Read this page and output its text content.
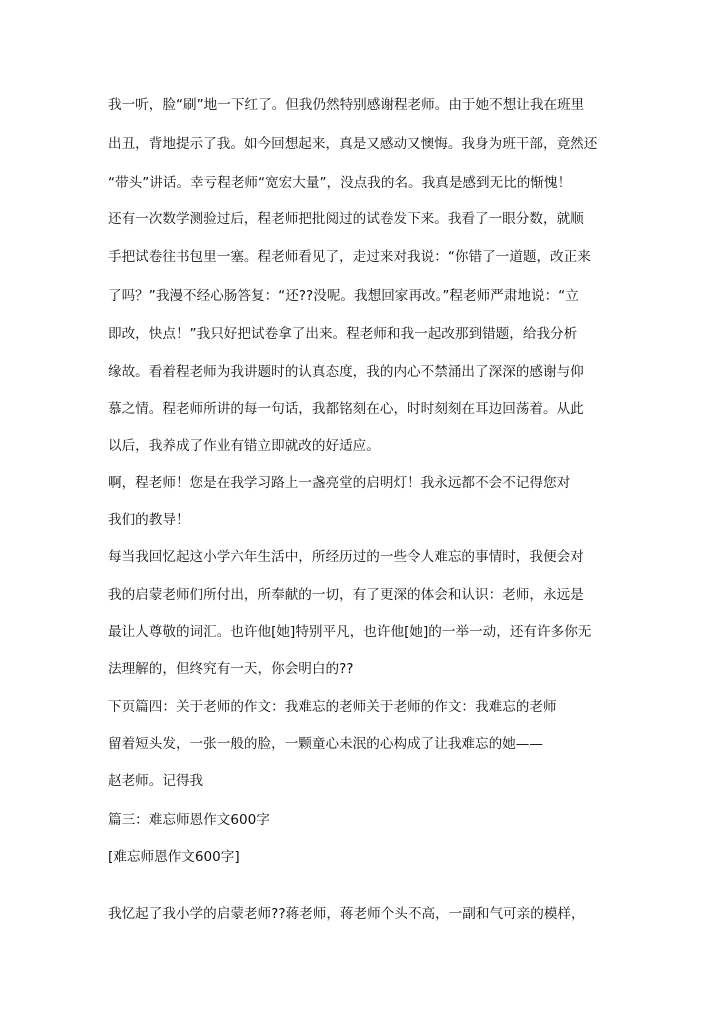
我一听，脸“刷”地一下红了。但我仍然特别感谢程老师。由于她不想让我在班里
出丑，背地提示了我。如今回想起来，真是又感动又懊悔。我身为班干部，竟然还
“带头”讲话。幸亏程老师“宽宏大量”，没点我的名。我真是感到无比的惭愧！
还有一次数学测验过后，程老师把批阅过的试卷发下来。我看了一眼分数，就顺
手把试卷往书包里一塞。程老师看见了，走过来对我说：“你错了一道题，改正来
了吗？”我漫不经心肠答复：“还??没呢。我想回家再改。”程老师严肃地说：“立
即改，快点！”我只好把试卷拿了出来。程老师和我一起改那到错题，给我分析
缘故。看着程老师为我讲题时的认真态度，我的内心不禁涌出了深深的感谢与仰
慕之情。程老师所讲的每一句话，我都铭刻在心，时时刻刻在耳边回荡着。从此
以后，我养成了作业有错立即就改的好适应。
啊，程老师！您是在我学习路上一盏亮堂的启明灯！我永远都不会不记得您对
我们的教导！
每当我回忆起这小学六年生活中，所经历过的一些令人难忘的事情时，我便会对
我的启蒙老师们所付出，所奉献的一切，有了更深的体会和认识：老师，永远是
最让人尊敬的词汇。也许他[她]特别平凡，也许他[她]的一举一动，还有许多你无
法理解的，但终究有一天，你会明白的??
下页篇四：关于老师的作文：我难忘的老师关于老师的作文：我难忘的老师
留着短头发，一张一般的脸，一颗童心未泯的心构成了让我难忘的她——
赵老师。记得我
篇三：难忘师恩作文600字
[难忘师恩作文600字]
我忆起了我小学的启蒙老师??蒋老师，蒋老师个头不高，一副和气可亲的模样，
